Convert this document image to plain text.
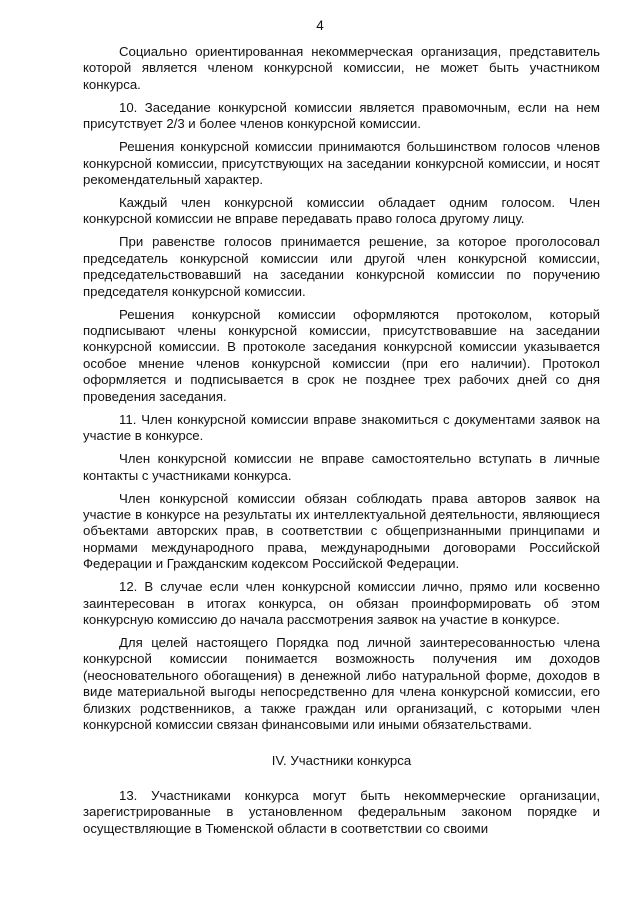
4

Социально ориентированная некоммерческая организация, представитель которой является членом конкурсной комиссии, не может быть участником конкурса.

10. Заседание конкурсной комиссии является правомочным, если на нем присутствует 2/3 и более членов конкурсной комиссии.

Решения конкурсной комиссии принимаются большинством голосов членов конкурсной комиссии, присутствующих на заседании конкурсной комиссии, и носят рекомендательный характер.

Каждый член конкурсной комиссии обладает одним голосом. Член конкурсной комиссии не вправе передавать право голоса другому лицу.

При равенстве голосов принимается решение, за которое проголосовал председатель конкурсной комиссии или другой член конкурсной комиссии, председательствовавший на заседании конкурсной комиссии по поручению председателя конкурсной комиссии.

Решения конкурсной комиссии оформляются протоколом, который подписывают члены конкурсной комиссии, присутствовавшие на заседании конкурсной комиссии. В протоколе заседания конкурсной комиссии указывается особое мнение членов конкурсной комиссии (при его наличии). Протокол оформляется и подписывается в срок не позднее трех рабочих дней со дня проведения заседания.

11. Член конкурсной комиссии вправе знакомиться с документами заявок на участие в конкурсе.

Член конкурсной комиссии не вправе самостоятельно вступать в личные контакты с участниками конкурса.

Член конкурсной комиссии обязан соблюдать права авторов заявок на участие в конкурсе на результаты их интеллектуальной деятельности, являющиеся объектами авторских прав, в соответствии с общепризнанными принципами и нормами международного права, международными договорами Российской Федерации и Гражданским кодексом Российской Федерации.

12. В случае если член конкурсной комиссии лично, прямо или косвенно заинтересован в итогах конкурса, он обязан проинформировать об этом конкурсную комиссию до начала рассмотрения заявок на участие в конкурсе.

Для целей настоящего Порядка под личной заинтересованностью члена конкурсной комиссии понимается возможность получения им доходов (неосновательного обогащения) в денежной либо натуральной форме, доходов в виде материальной выгоды непосредственно для члена конкурсной комиссии, его близких родственников, а также граждан или организаций, с которыми член конкурсной комиссии связан финансовыми или иными обязательствами.

IV. Участники конкурса

13. Участниками конкурса могут быть некоммерческие организации, зарегистрированные в установленном федеральным законом порядке и осуществляющие в Тюменской области в соответствии со своими
